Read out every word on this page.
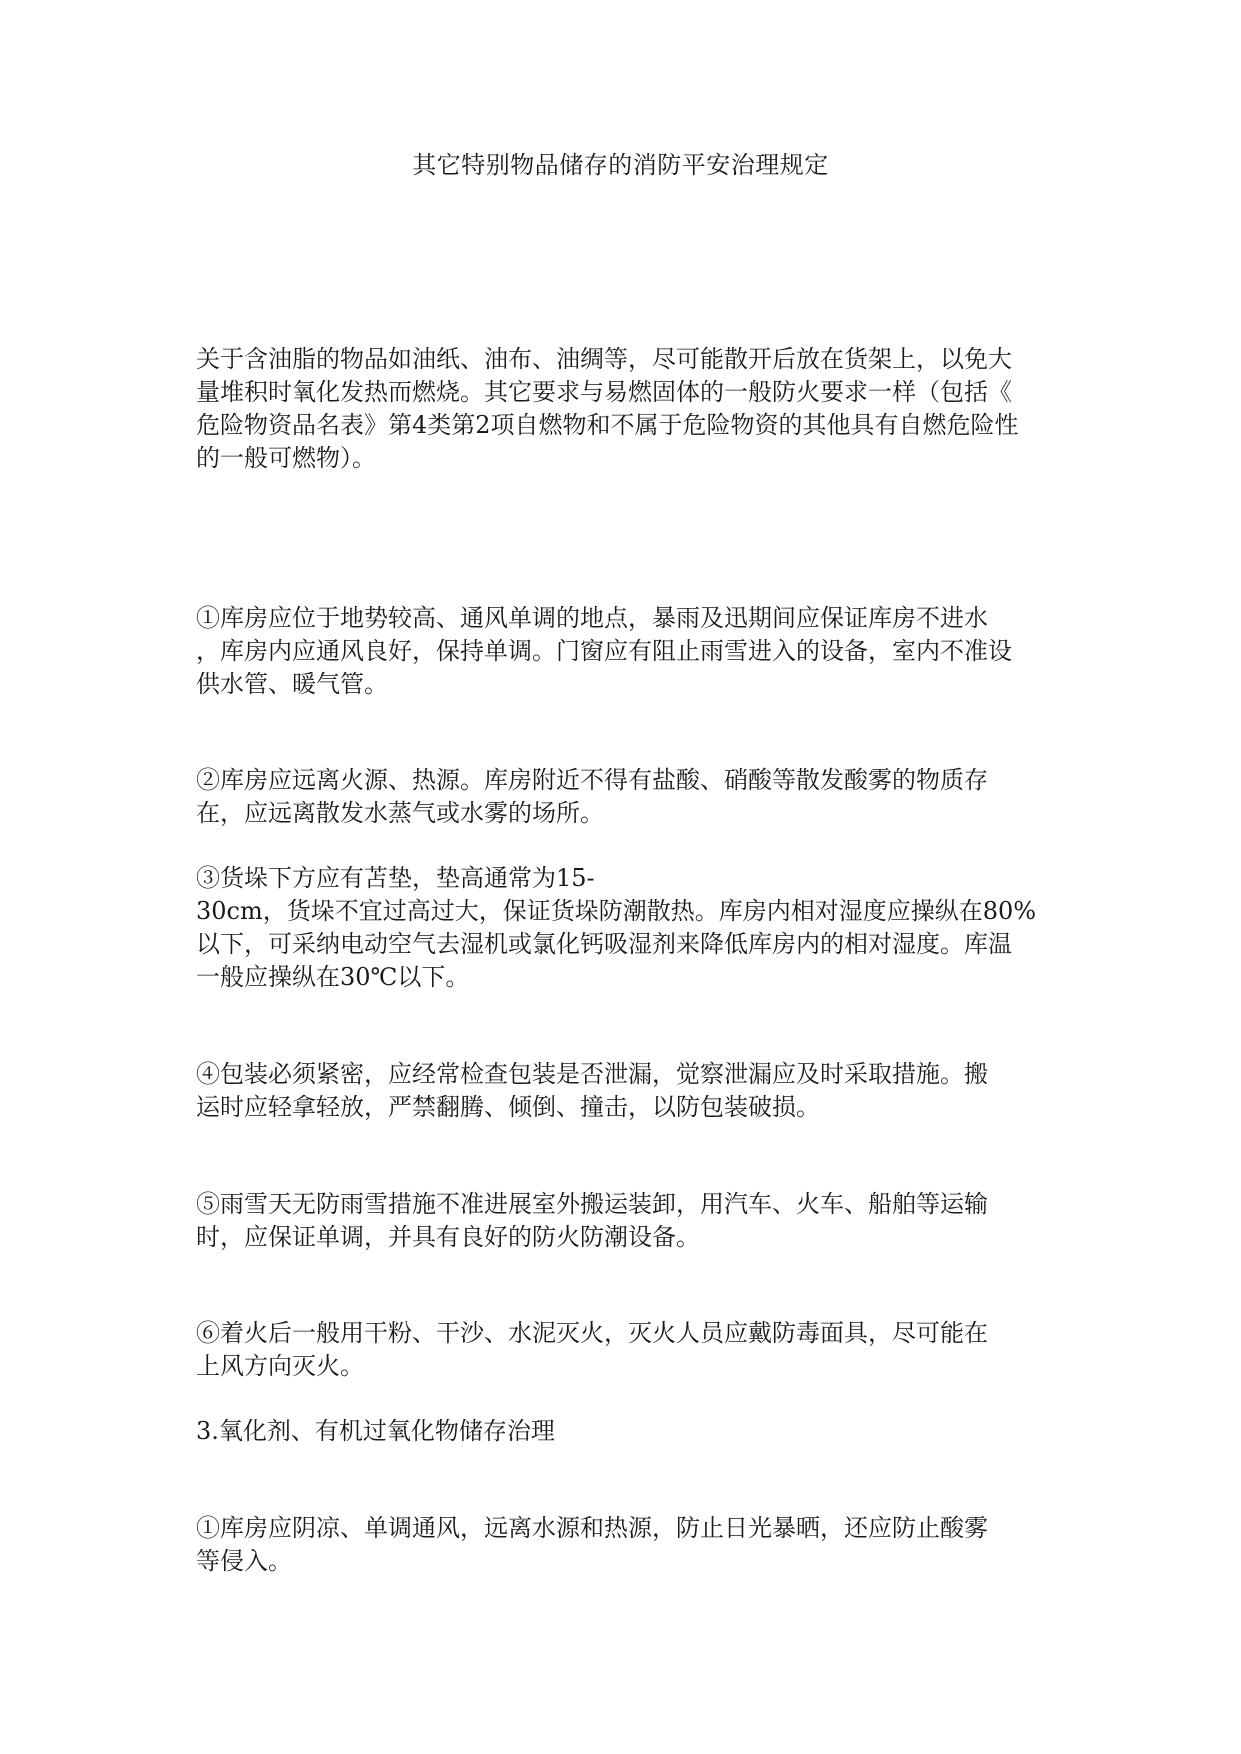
其它特别物品储存的消防平安治理规定

关于含油脂的物品如油纸、油布、油绸等，尽可能散开后放在货架上，以免大
量堆积时氧化发热而燃烧。其它要求与易燃固体的一般防火要求一样（包括《
危险物资品名表》第4类第2项自燃物和不属于危险物资的其他具有自燃危险性
的一般可燃物）。

①库房应位于地势较高、通风单调的地点，暴雨及迅期间应保证库房不进水
，库房内应通风良好，保持单调。门窗应有阻止雨雪进入的设备，室内不准设
供水管、暖气管。

②库房应远离火源、热源。库房附近不得有盐酸、硝酸等散发酸雾的物质存
在，应远离散发水蒸气或水雾的场所。

③货垛下方应有苫垫，垫高通常为15-
30cm，货垛不宜过高过大，保证货垛防潮散热。库房内相对湿度应操纵在80%
以下，可采纳电动空气去湿机或氯化钙吸湿剂来降低库房内的相对湿度。库温
一般应操纵在30℃以下。

④包装必须紧密，应经常检查包装是否泄漏，觉察泄漏应及时采取措施。搬
运时应轻拿轻放，严禁翻腾、倾倒、撞击，以防包装破损。

⑤雨雪天无防雨雪措施不准进展室外搬运装卸，用汽车、火车、船舶等运输
时，应保证单调，并具有良好的防火防潮设备。

⑥着火后一般用干粉、干沙、水泥灭火，灭火人员应戴防毒面具，尽可能在
上风方向灭火。

3.氧化剂、有机过氧化物储存治理

①库房应阴凉、单调通风，远离水源和热源，防止日光暴晒，还应防止酸雾
等侵入。
